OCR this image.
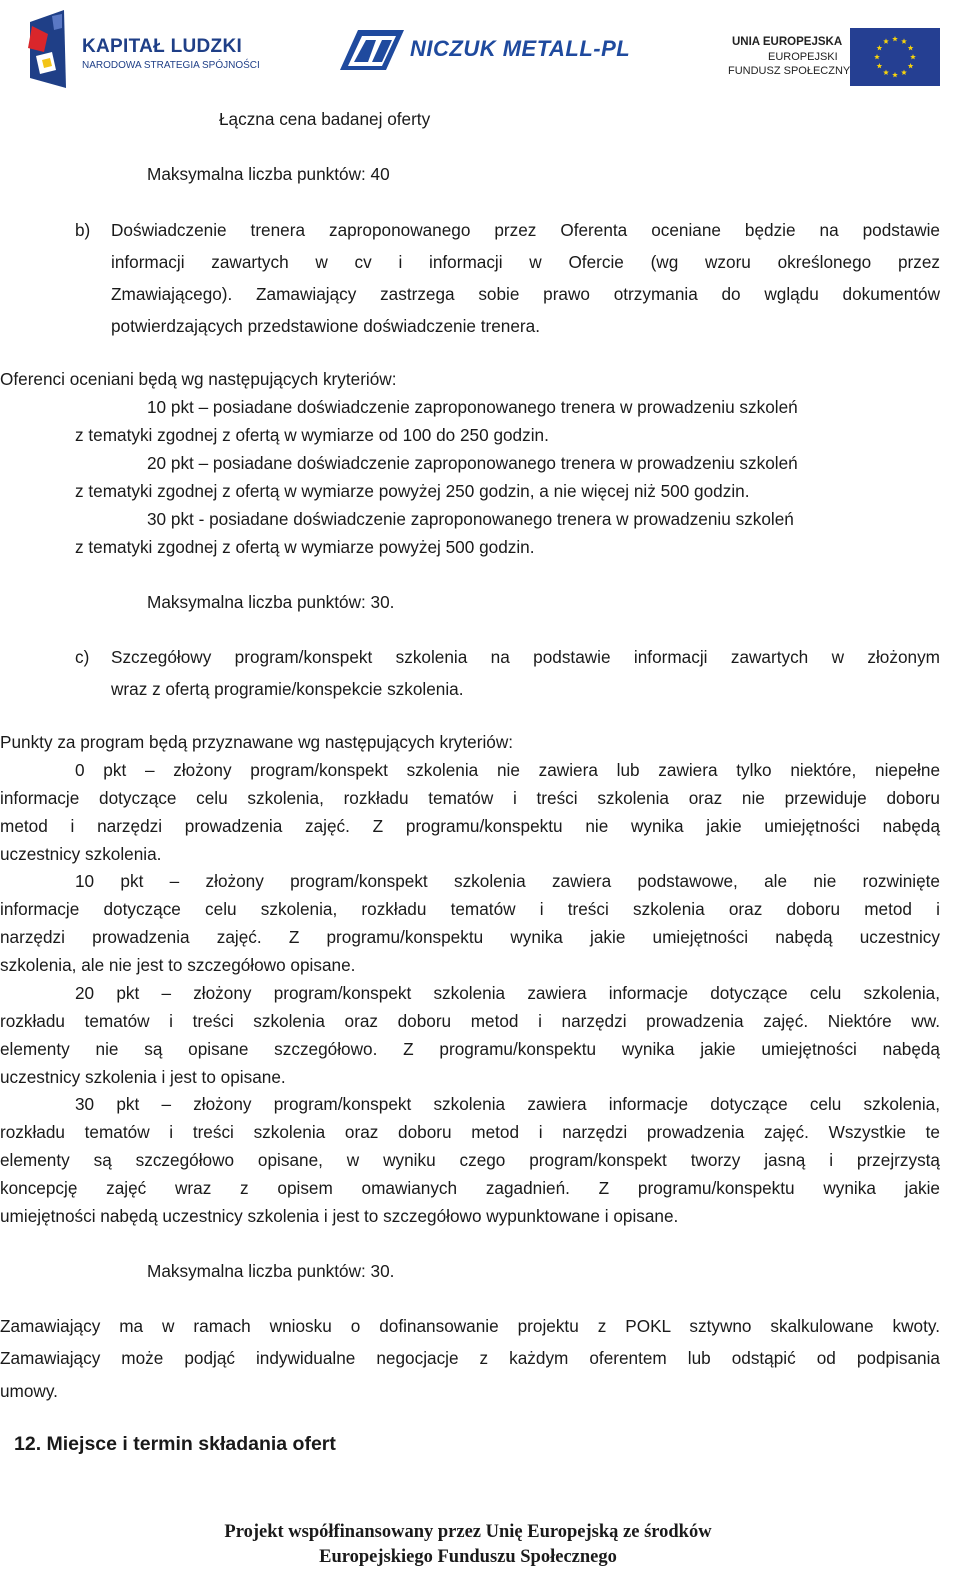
KAPITAŁ LUDZKI
NARODOWA STRATEGIA SPÓJNOŚCI
NICZUK METALL-PL	UNIA EUROPEJSKA
EUROPEJSKI
FUNDUSZ SPOŁECZNY
Łączna cena badanej oferty
Maksymalna liczba punktów: 40
b) Doświadczenie trenera zaproponowanego przez Oferenta oceniane będzie na podstawie
informacji zawartych w cv i informacji w Ofercie (wg wzoru określonego przez
Zmawiającego). Zamawiający zastrzega sobie prawo otrzymania do wglądu dokumentów
potwierdzających przedstawione doświadczenie trenera.
Oferenci oceniani będą wg następujących kryteriów:
10 pkt – posiadane doświadczenie zaproponowanego trenera w prowadzeniu szkoleń
z tematyki zgodnej z ofertą w wymiarze od 100 do 250 godzin.
20 pkt – posiadane doświadczenie zaproponowanego trenera w prowadzeniu szkoleń
z tematyki zgodnej z ofertą w wymiarze powyżej 250 godzin, a nie więcej niż 500 godzin.
30 pkt - posiadane doświadczenie zaproponowanego trenera w prowadzeniu szkoleń
z tematyki zgodnej z ofertą w wymiarze powyżej 500 godzin.
Maksymalna liczba punktów: 30.
c) Szczegółowy program/konspekt szkolenia na podstawie informacji zawartych w złożonym
wraz z ofertą programie/konspekcie szkolenia.
Punkty za program będą przyznawane wg następujących kryteriów:
0 pkt – złożony program/konspekt szkolenia nie zawiera lub zawiera tylko niektóre, niepełne
informacje dotyczące celu szkolenia, rozkładu tematów i treści szkolenia oraz nie przewiduje doboru
metod i narzędzi prowadzenia zajęć. Z programu/konspektu nie wynika jakie umiejętności nabędą
uczestnicy szkolenia.
10 pkt – złożony program/konspekt szkolenia zawiera podstawowe, ale nie rozwinięte
informacje dotyczące celu szkolenia, rozkładu tematów i treści szkolenia oraz doboru metod i
narzędzi prowadzenia zajęć. Z programu/konspektu wynika jakie umiejętności nabędą uczestnicy
szkolenia, ale nie jest to szczegółowo opisane.
20 pkt – złożony program/konspekt szkolenia zawiera informacje dotyczące celu szkolenia,
rozkładu tematów i treści szkolenia oraz doboru metod i narzędzi prowadzenia zajęć. Niektóre ww.
elementy nie są opisane szczegółowo. Z programu/konspektu wynika jakie umiejętności nabędą
uczestnicy szkolenia i jest to opisane.
30 pkt – złożony program/konspekt szkolenia zawiera informacje dotyczące celu szkolenia,
rozkładu tematów i treści szkolenia oraz doboru metod i narzędzi prowadzenia zajęć. Wszystkie te
elementy są szczegółowo opisane, w wyniku czego program/konspekt tworzy jasną i przejrzystą
koncepcję zajęć wraz z opisem omawianych zagadnień. Z programu/konspektu wynika jakie
umiejętności nabędą uczestnicy szkolenia i jest to szczegółowo wypunktowane i opisane.
Maksymalna liczba punktów: 30.
Zamawiający ma w ramach wniosku o dofinansowanie projektu z POKL sztywno skalkulowane kwoty.
Zamawiający może podjąć indywidualne negocjacje z każdym oferentem lub odstąpić od podpisania
umowy.
12. Miejsce i termin składania ofert
Projekt współfinansowany przez Unię Europejską ze środków
Europejskiego Funduszu Społecznego
